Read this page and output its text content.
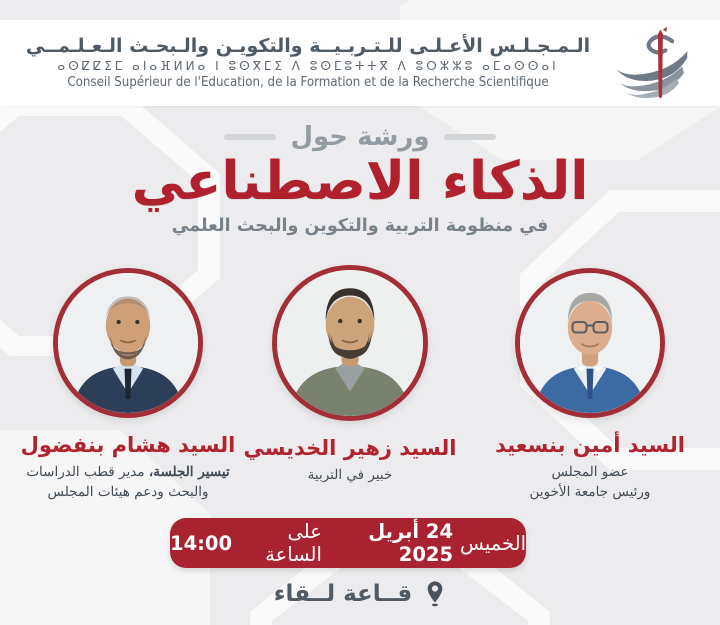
الـمـجـلـس الأعـلـى للـتـربـيــة والتكويـن والـبحـث الـعـلـمــي
ⴰⵙⵇⵇⵉⵎ ⴰⵏⴰⴼⵍⵍⴰ ⵏ ⵓⵙⴳⵎⵉ ⴷ ⵓⵙⵎⵓⵜⵜⴳ ⴷ ⵓⵔⵣⵣⵓ ⴰⵎⴰⵙⵙⴰⵏ
Conseil Supérieur de l'Education, de la Formation et de la Recherche Scientifique
ورشة حول
الذكاء الاصطناعي
في منظومة التربية والتكوين والبحث العلمي
السيد أمين بنسعيد
عضو المجلس
ورئيس جامعة الأخوين
السيد زهير الخديسي
خبير في التربية
السيد هشام بنفضول
تيسير الجلسة، مدير قطب الدراسات
والبحث ودعم هيئات المجلس
الخميس
24 أبريل 2025
على الساعة
14:00
قــاعة لــقاء
